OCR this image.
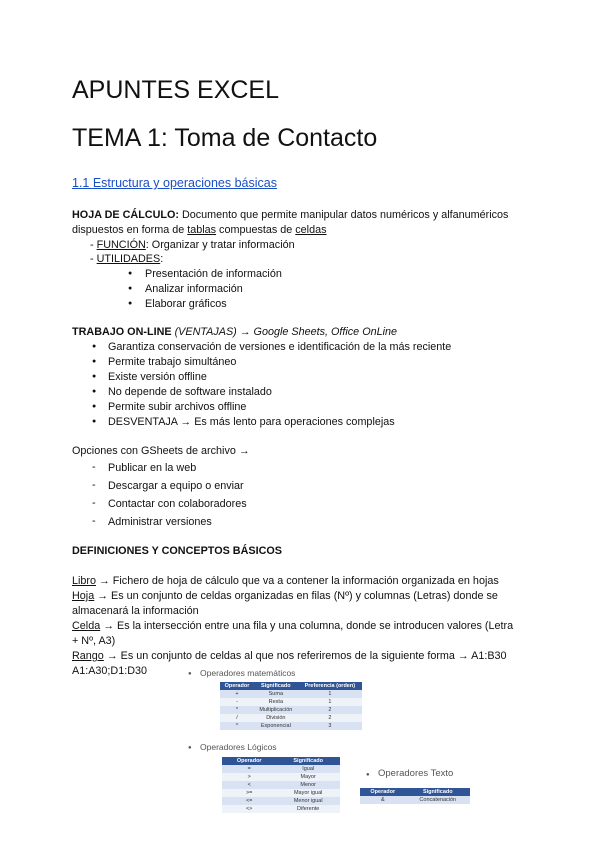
APUNTES EXCEL
TEMA 1: Toma de Contacto
1.1 Estructura y operaciones básicas
HOJA DE CÁLCULO: Documento que permite manipular datos numéricos y alfanuméricos
dispuestos en forma de tablas compuestas de celdas
- FUNCIÓN: Organizar y tratar información
- UTILIDADES:
● Presentación de información
● Analizar información
● Elaborar gráficos
TRABAJO ON-LINE (VENTAJAS) → Google Sheets, Office OnLine
● Garantiza conservación de versiones e identificación de la más reciente
● Permite trabajo simultáneo
● Existe versión offline
● No depende de software instalado
● Permite subir archivos offline
● DESVENTAJA → Es más lento para operaciones complejas
Opciones con GSheets de archivo →
- Publicar en la web
- Descargar a equipo o enviar
- Contactar con colaboradores
- Administrar versiones
DEFINICIONES Y CONCEPTOS BÁSICOS
Libro → Fichero de hoja de cálculo que va a contener la información organizada en hojas
Hoja → Es un conjunto de celdas organizadas en filas (Nº) y columnas (Letras) donde se
almacenará la información
Celda → Es la intersección entre una fila y una columna, donde se introducen valores (Letra
+ Nº, A3)
Rango → Es un conjunto de celdas al que nos referiremos de la siguiente forma → A1:B30
A1:A30;D1:D30	● Operadores matemáticos
Operador	Significado	Preferencia (orden)
+	Suma	1
-	Resta	1
*	Multiplicación	2
/	División	2
^	Exponencial	3
● Operadores Lógicos
Operador	Significado
=	Igual
>	Mayor
<	Menor
>=	Mayor igual
<=	Menor igual
<>	Diferente
● Operadores Texto
Operador	Significado
&	Concatenación
